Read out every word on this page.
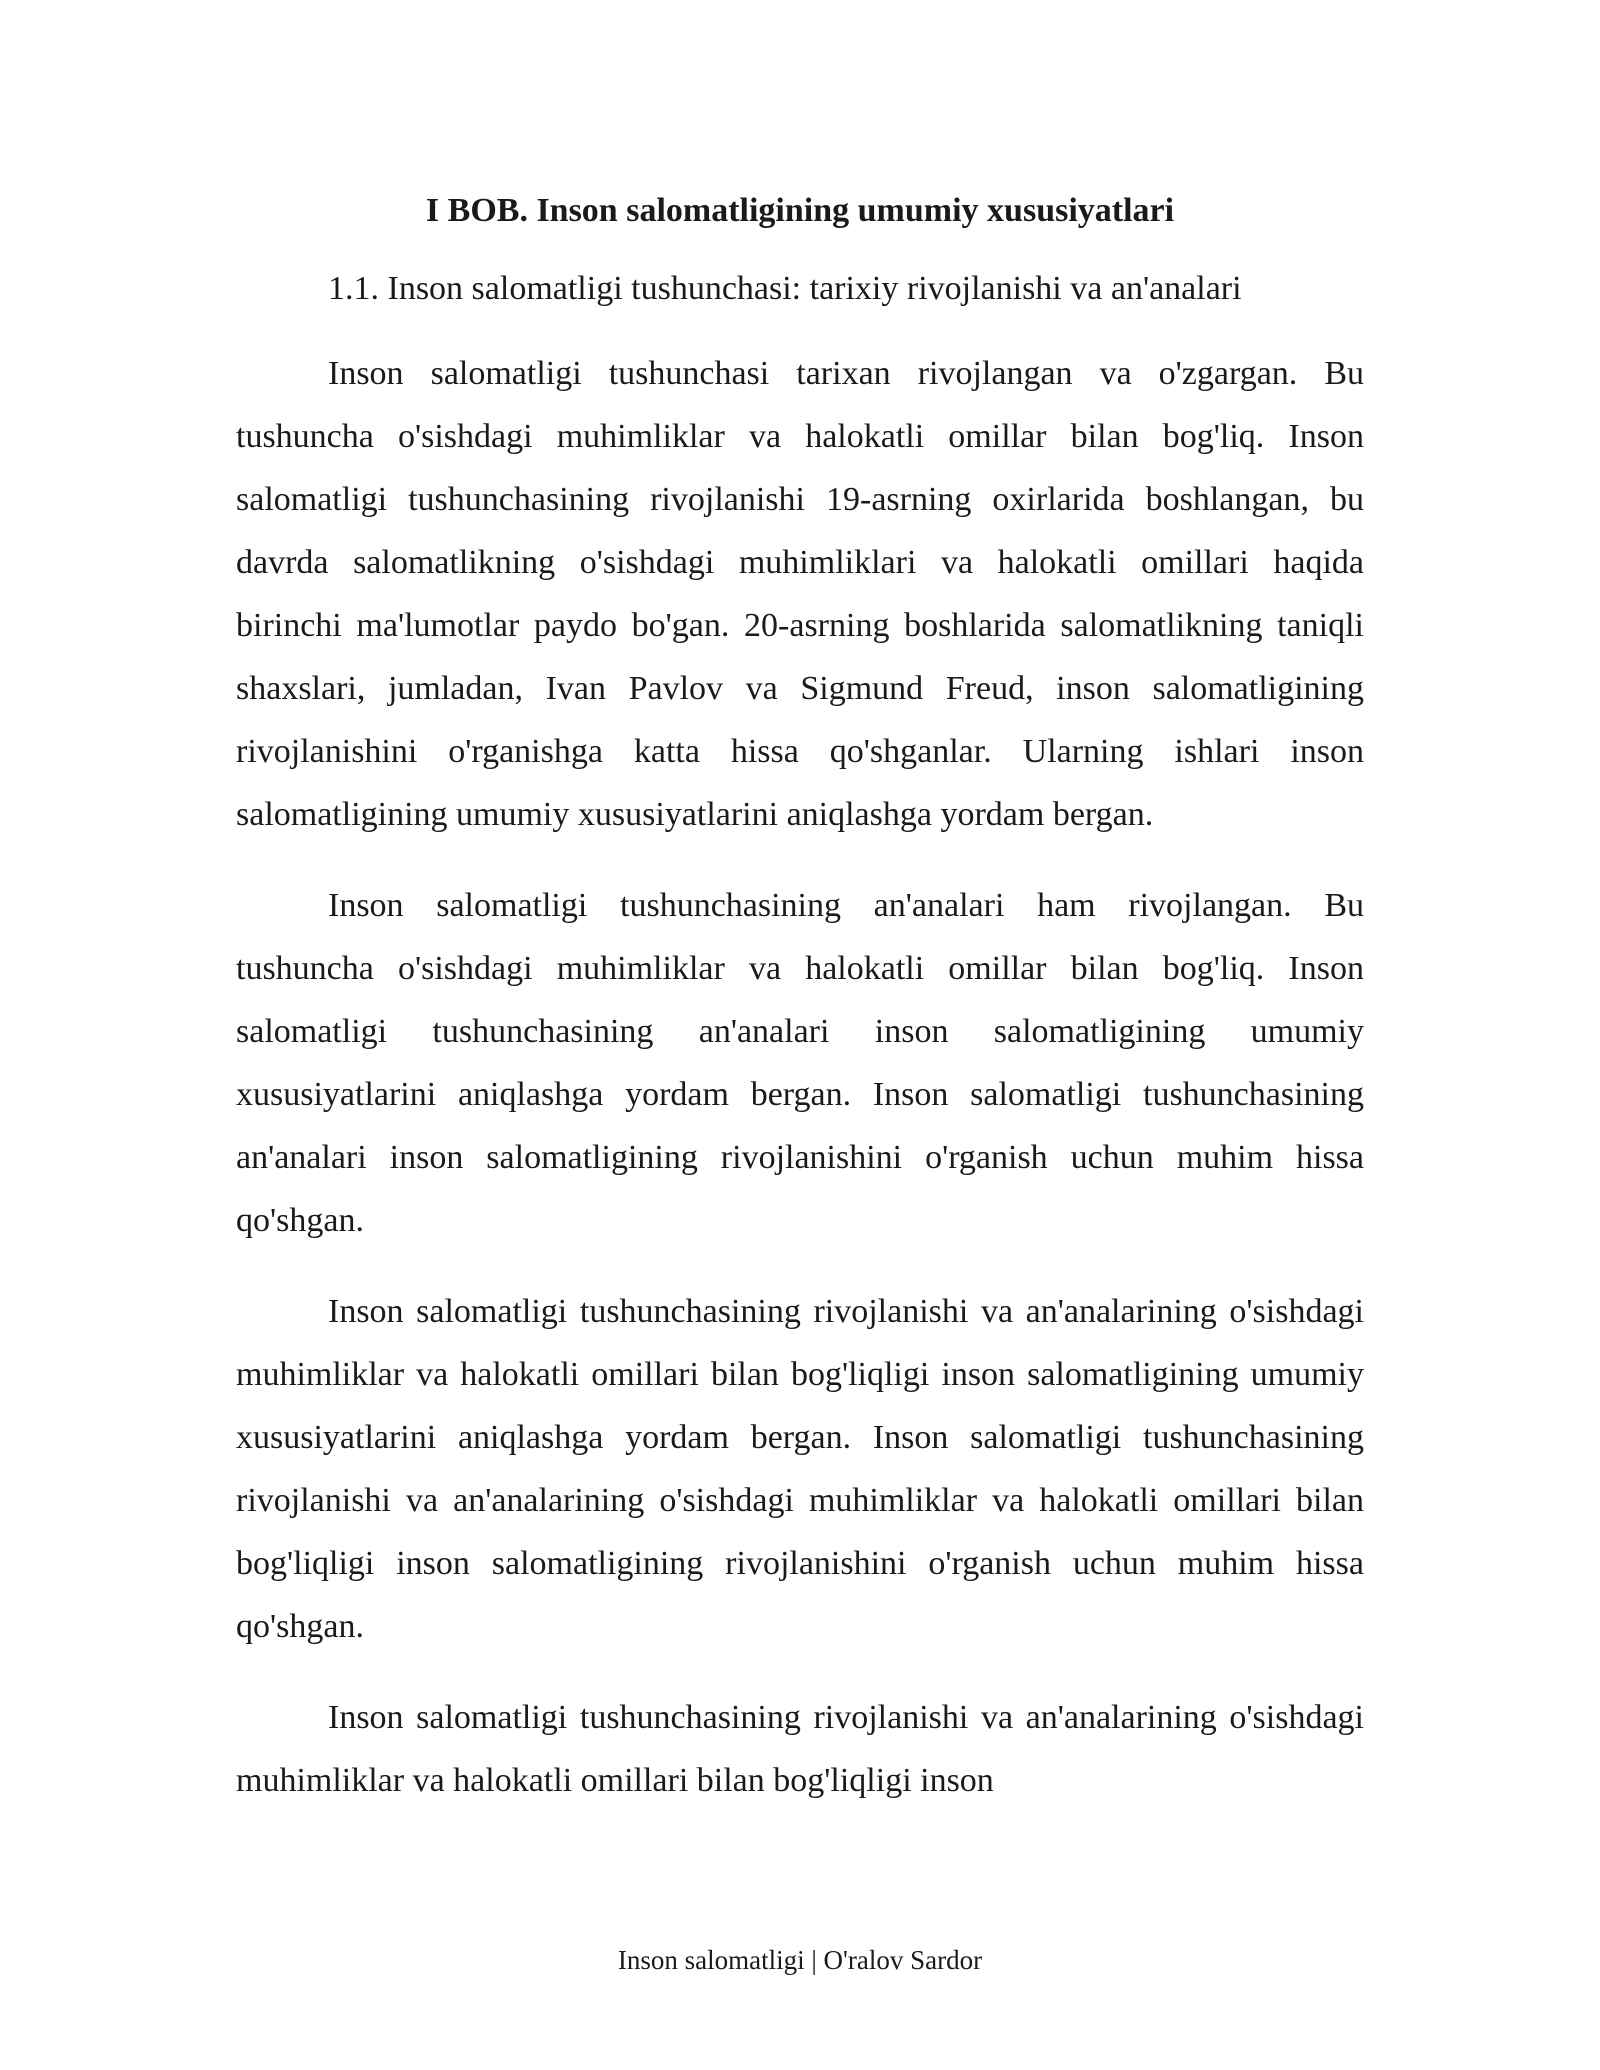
I BOB. Inson salomatligining umumiy xususiyatlari
1.1. Inson salomatligi tushunchasi: tarixiy rivojlanishi va an'analari

Inson salomatligi tushunchasi tarixan rivojlangan va o'zgargan. Bu tushuncha o'sishdagi muhimliklar va halokatli omillar bilan bog'liq. Inson salomatligi tushunchasining rivojlanishi 19-asrning oxirlarida boshlangan, bu davrda salomatlikning o'sishdagi muhimliklari va halokatli omillari haqida birinchi ma'lumotlar paydo bo'gan. 20-asrning boshlarida salomatlikning taniqli shaxslari, jumladan, Ivan Pavlov va Sigmund Freud, inson salomatligining rivojlanishini o'rganishga katta hissa qo'shganlar. Ularning ishlari inson salomatligining umumiy xususiyatlarini aniqlashga yordam bergan.

Inson salomatligi tushunchasining an'analari ham rivojlangan. Bu tushuncha o'sishdagi muhimliklar va halokatli omillar bilan bog'liq. Inson salomatligi tushunchasining an'analari inson salomatligining umumiy xususiyatlarini aniqlashga yordam bergan. Inson salomatligi tushunchasining an'analari inson salomatligining rivojlanishini o'rganish uchun muhim hissa qo'shgan.

Inson salomatligi tushunchasining rivojlanishi va an'analarining o'sishdagi muhimliklar va halokatli omillari bilan bog'liqligi inson salomatligining umumiy xususiyatlarini aniqlashga yordam bergan. Inson salomatligi tushunchasining rivojlanishi va an'analarining o'sishdagi muhimliklar va halokatli omillari bilan bog'liqligi inson salomatligining rivojlanishini o'rganish uchun muhim hissa qo'shgan.

Inson salomatligi tushunchasining rivojlanishi va an'analarining o'sishdagi muhimliklar va halokatli omillari bilan bog'liqligi inson

Inson salomatligi | O'ralov Sardor
